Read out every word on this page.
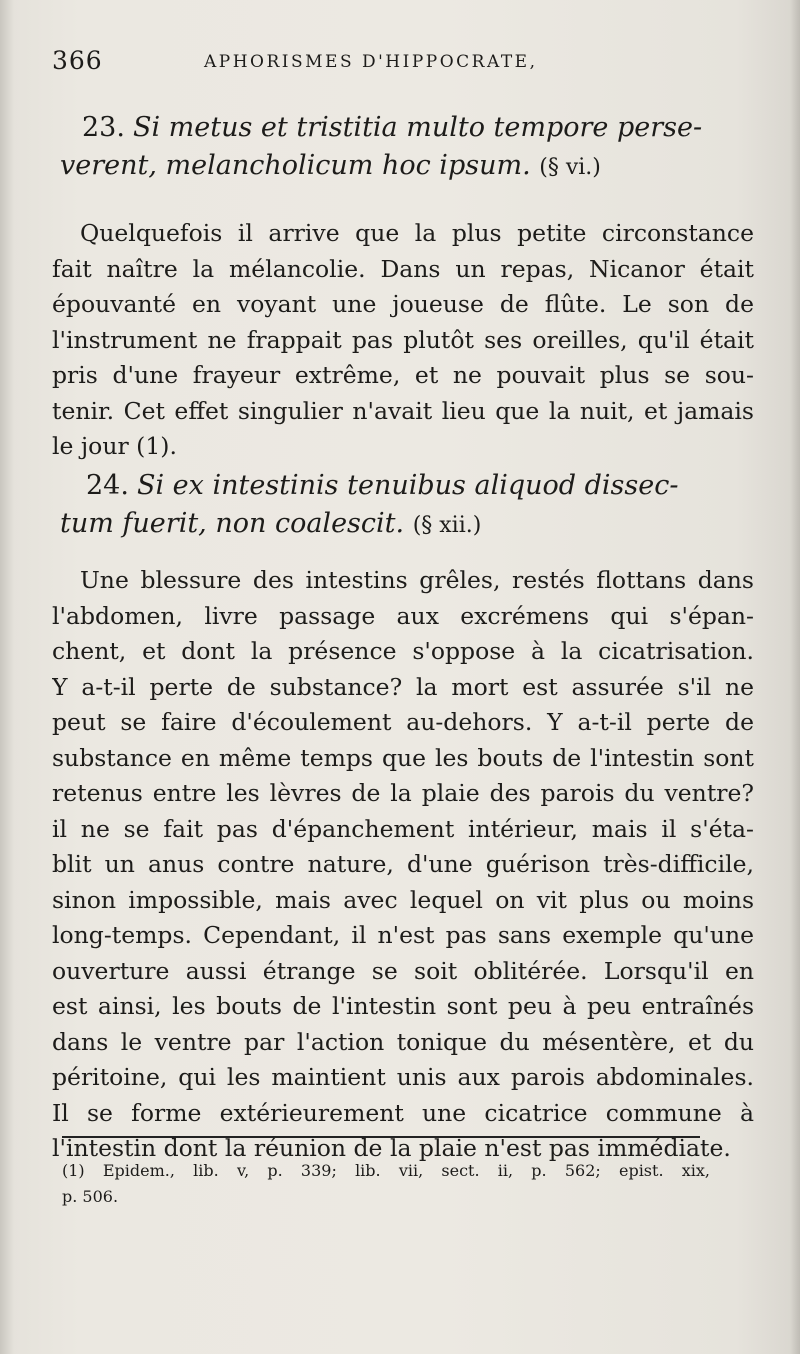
366	APHORISMES D'HIPPOCRATE,
23. Si metus et tristitia multo tempore perse-
verent, melancholicum hoc ipsum. (§ vi.)
Quelquefois il arrive que la plus petite circonstance
fait naître la mélancolie. Dans un repas, Nicanor était
épouvanté en voyant une joueuse de flûte. Le son de
l'instrument ne frappait pas plutôt ses oreilles, qu'il était
pris d'une frayeur extrême, et ne pouvait plus se sou-
tenir. Cet effet singulier n'avait lieu que la nuit, et jamais
le jour (1).
24. Si ex intestinis tenuibus aliquod dissec-
tum fuerit, non coalescit. (§ xii.)
Une blessure des intestins grêles, restés flottans dans
l'abdomen, livre passage aux excrémens qui s'épan-
chent, et dont la présence s'oppose à la cicatrisation.
Y a-t-il perte de substance? la mort est assurée s'il ne
peut se faire d'écoulement au-dehors. Y a-t-il perte de
substance en même temps que les bouts de l'intestin sont
retenus entre les lèvres de la plaie des parois du ventre?
il ne se fait pas d'épanchement intérieur, mais il s'éta-
blit un anus contre nature, d'une guérison très-difficile,
sinon impossible, mais avec lequel on vit plus ou moins
long-temps. Cependant, il n'est pas sans exemple qu'une
ouverture aussi étrange se soit oblitérée. Lorsqu'il en
est ainsi, les bouts de l'intestin sont peu à peu entraînés
dans le ventre par l'action tonique du mésentère, et du
péritoine, qui les maintient unis aux parois abdominales.
Il se forme extérieurement une cicatrice commune à
l'intestin dont la réunion de la plaie n'est pas immédiate.
(1) Epidem., lib. v, p. 339; lib. vii, sect. ii, p. 562; epist. xix,
p. 506.
